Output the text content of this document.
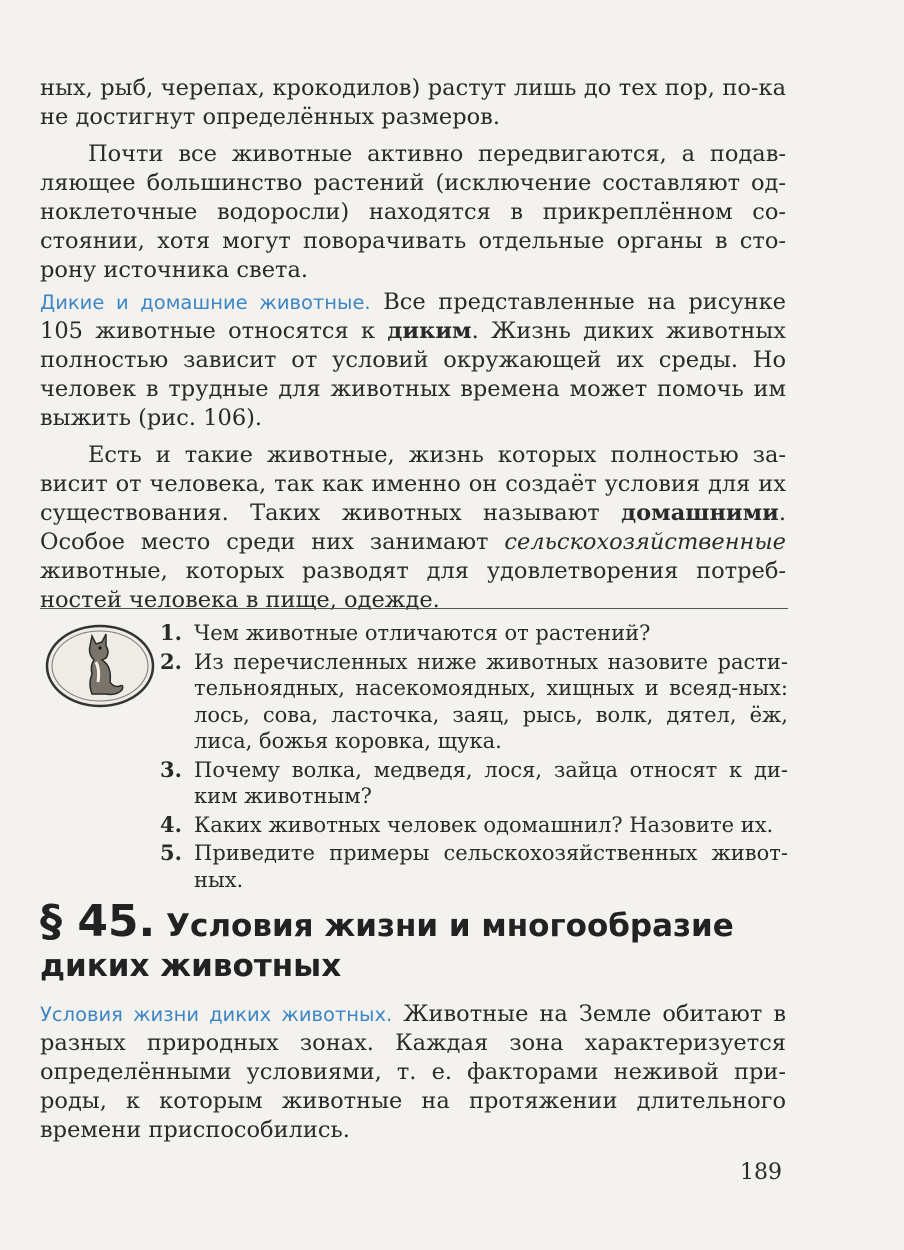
ных, рыб, черепах, крокодилов) растут лишь до тех пор, по-ка не достигнут определённых размеров.

Почти все животные активно передвигаются, а подав-ляющее большинство растений (исключение составляют од-ноклеточные водоросли) находятся в прикреплённом со-стоянии, хотя могут поворачивать отдельные органы в сто-рону источника света.

Дикие и домашние животные. Все представленные на рисунке 105 животные относятся к диким. Жизнь диких животных полностью зависит от условий окружающей их среды. Но человек в трудные для животных времена может помочь им выжить (рис. 106).

Есть и такие животные, жизнь которых полностью за-висит от человека, так как именно он создаёт условия для их существования. Таких животных называют домашними. Особое место среди них занимают сельскохозяйственные животные, которых разводят для удовлетворения потреб-ностей человека в пище, одежде.

1. Чем животные отличаются от растений?
2. Из перечисленных ниже животных назовите расти-тельноядных, насекомоядных, хищных и всеяд-ных: лось, сова, ласточка, заяц, рысь, волк, дятел, ёж, лиса, божья коровка, щука.
3. Почему волка, медведя, лося, зайца относят к ди-ким животным?
4. Каких животных человек одомашнил? Назовите их.
5. Приведите примеры сельскохозяйственных живот-ных.
§ 45. Условия жизни и многообразие диких животных

Условия жизни диких животных. Животные на Земле обитают в разных природных зонах. Каждая зона характеризуется определёнными условиями, т. е. факторами неживой при-роды, к которым животные на протяжении длительного времени приспособились.

189
